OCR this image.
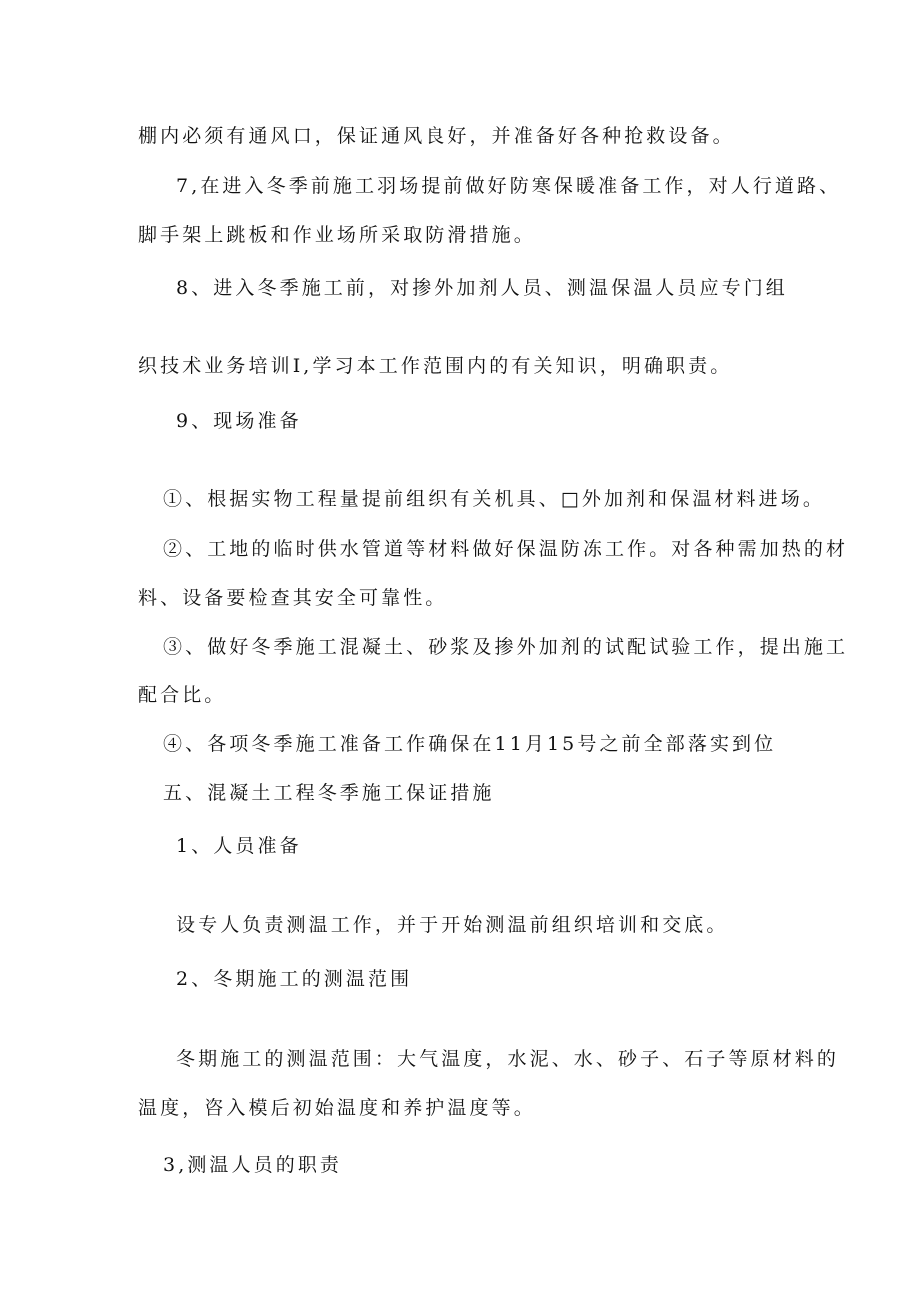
棚内必须有通风口，保证通风良好，并准备好各种抢救设备。
7,在进入冬季前施工羽场提前做好防寒保暖准备工作，对人行道路、
脚手架上跳板和作业场所采取防滑措施。
8、进入冬季施工前，对掺外加剂人员、测温保温人员应专门组
织技术业务培训I,学习本工作范围内的有关知识，明确职责。
9、现场准备
①、根据实物工程量提前组织有关机具、□外加剂和保温材料进场。
②、工地的临时供水管道等材料做好保温防冻工作。对各种需加热的材
料、设备要检查其安全可靠性。
③、做好冬季施工混凝土、砂浆及掺外加剂的试配试验工作，提出施工
配合比。
④、各项冬季施工准备工作确保在11月15号之前全部落实到位
五、混凝土工程冬季施工保证措施
1、人员准备
设专人负责测温工作，并于开始测温前组织培训和交底。
2、冬期施工的测温范围
冬期施工的测温范围：大气温度，水泥、水、砂子、石子等原材料的
温度，咨入模后初始温度和养护温度等。
3,测温人员的职责
